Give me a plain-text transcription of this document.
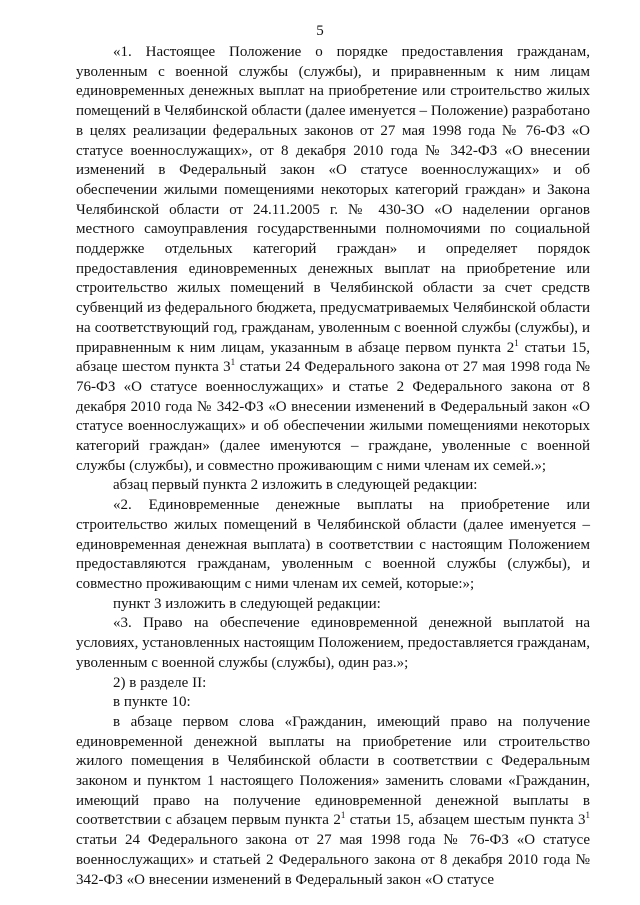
5

«1. Настоящее Положение о порядке предоставления гражданам, уволенным с военной службы (службы), и приравненным к ним лицам единовременных денежных выплат на приобретение или строительство жилых помещений в Челябинской области (далее именуется – Положение) разработано в целях реализации федеральных законов от 27 мая 1998 года № 76-ФЗ «О статусе военнослужащих», от 8 декабря 2010 года № 342-ФЗ «О внесении изменений в Федеральный закон «О статусе военнослужащих» и об обеспечении жилыми помещениями некоторых категорий граждан» и Закона Челябинской области от 24.11.2005 г. № 430-ЗО «О наделении органов местного самоуправления государственными полномочиями по социальной поддержке отдельных категорий граждан» и определяет порядок предоставления единовременных денежных выплат на приобретение или строительство жилых помещений в Челябинской области за счет средств субвенций из федерального бюджета, предусматриваемых Челябинской области на соответствующий год, гражданам, уволенным с военной службы (службы), и приравненным к ним лицам, указанным в абзаце первом пункта $2^1$ статьи 15, абзаце шестом пункта $3^1$ статьи 24 Федерального закона от 27 мая 1998 года № 76-ФЗ «О статусе военнослужащих» и статье 2 Федерального закона от 8 декабря 2010 года № 342-ФЗ «О внесении изменений в Федеральный закон «О статусе военнослужащих» и об обеспечении жилыми помещениями некоторых категорий граждан» (далее именуются – граждане, уволенные с военной службы (службы), и совместно проживающим с ними членам их семей.»;

абзац первый пункта 2 изложить в следующей редакции:

«2. Единовременные денежные выплаты на приобретение или строительство жилых помещений в Челябинской области (далее именуется – единовременная денежная выплата) в соответствии с настоящим Положением предоставляются гражданам, уволенным с военной службы (службы), и совместно проживающим с ними членам их семей, которые:»;

пункт 3 изложить в следующей редакции:

«3. Право на обеспечение единовременной денежной выплатой на условиях, установленных настоящим Положением, предоставляется гражданам, уволенным с военной службы (службы), один раз.»;

2) в разделе II:

в пункте 10:

в абзаце первом слова «Гражданин, имеющий право на получение единовременной денежной выплаты на приобретение или строительство жилого помещения в Челябинской области в соответствии с Федеральным законом и пунктом 1 настоящего Положения» заменить словами «Гражданин, имеющий право на получение единовременной денежной выплаты в соответствии с абзацем первым пункта $2^1$ статьи 15, абзацем шестым пункта $3^1$ статьи 24 Федерального закона от 27 мая 1998 года № 76-ФЗ «О статусе военнослужащих» и статьей 2 Федерального закона от 8 декабря 2010 года № 342-ФЗ «О внесении изменений в Федеральный закон «О статусе
